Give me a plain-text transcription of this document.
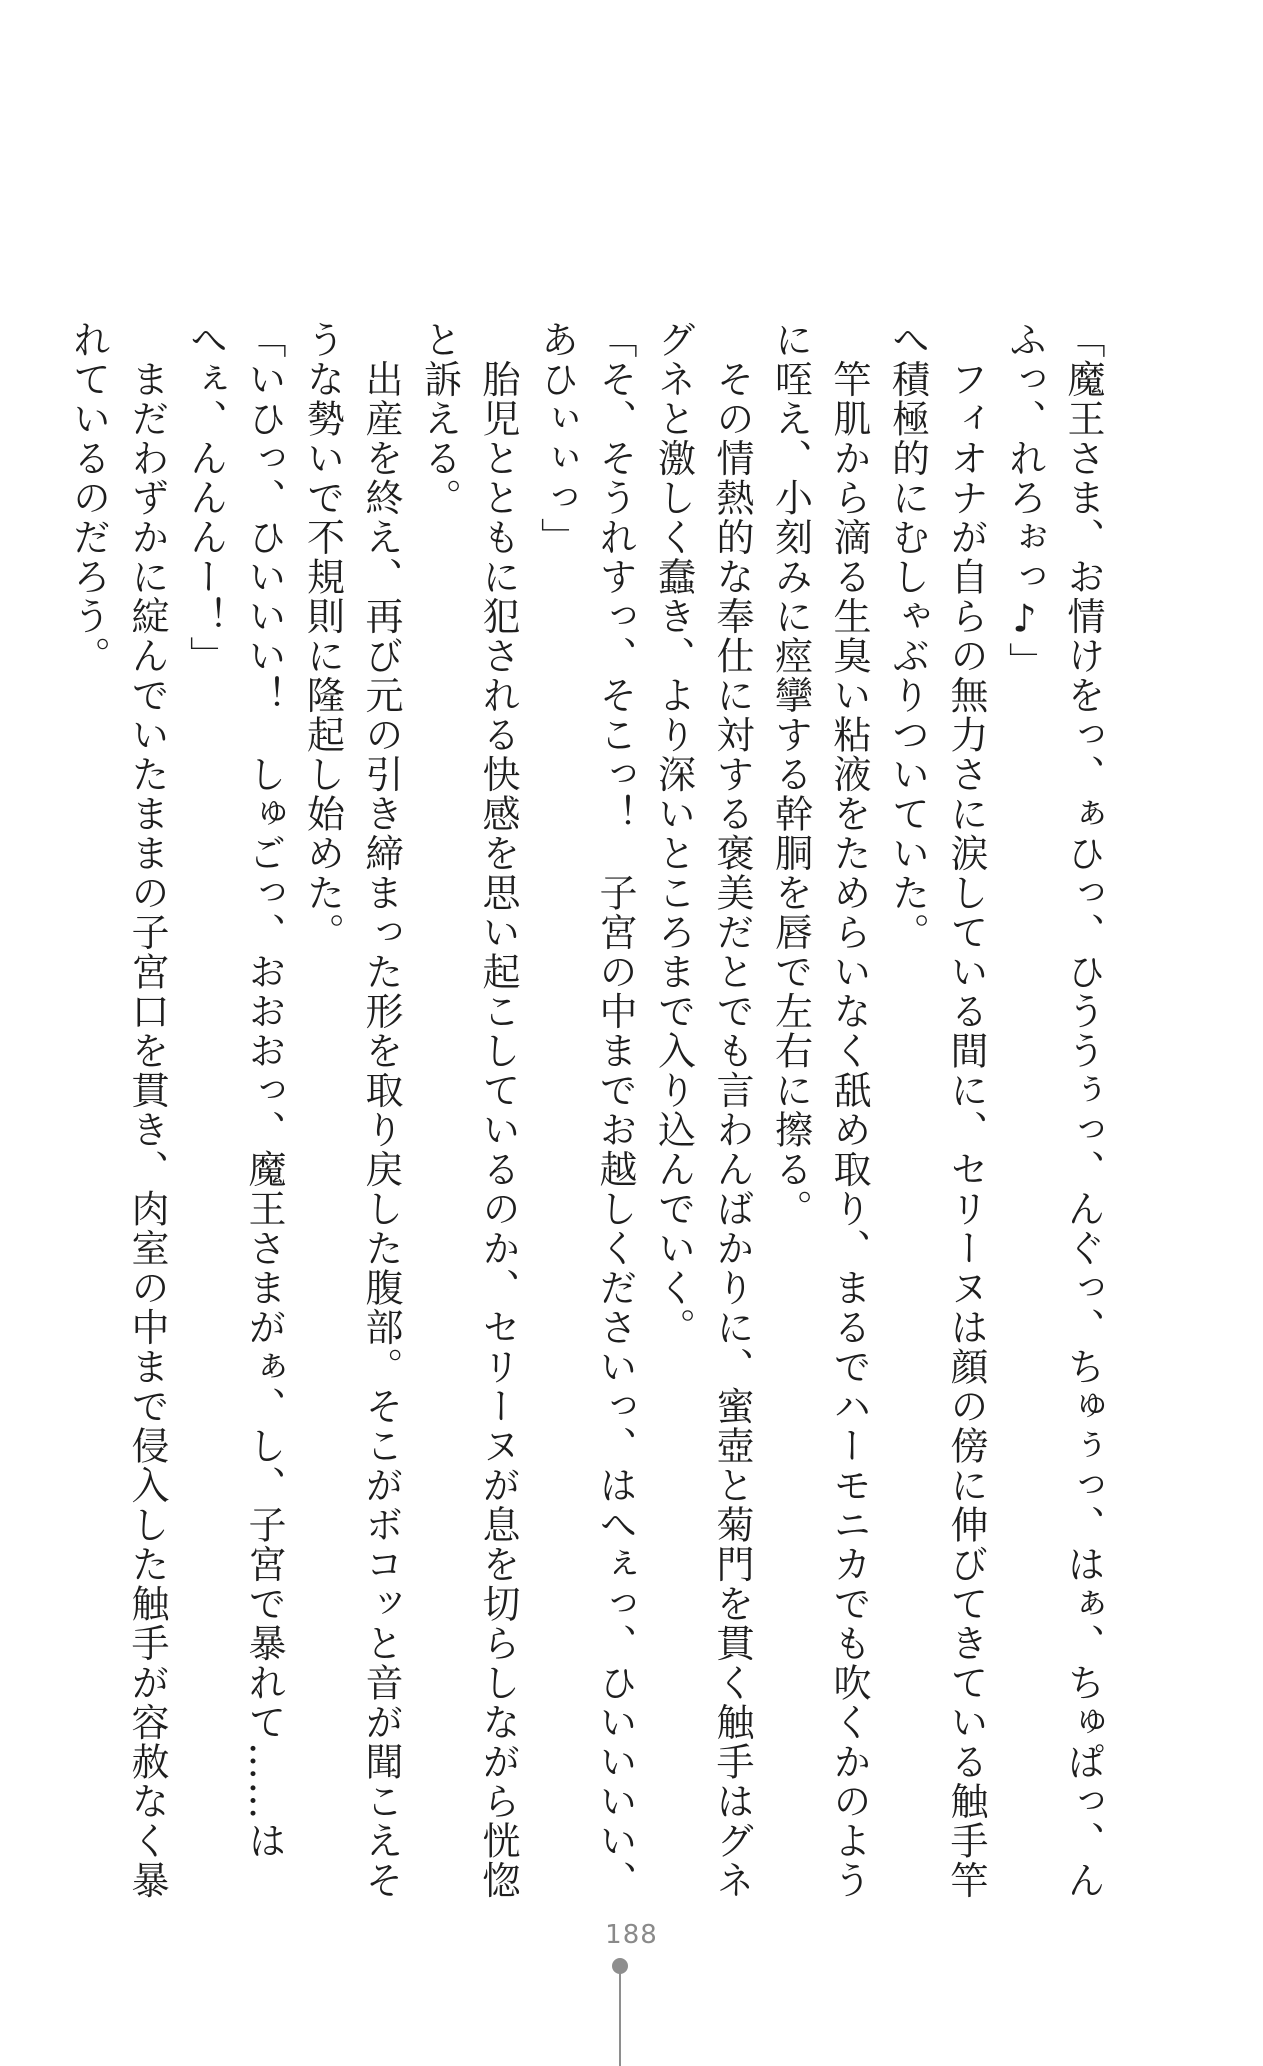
「魔王さま、お情けをっ、ぁひっ、ひううぅっ、んぐっ、ちゅぅっ、はぁ、ちゅぱっ、ん

ふっ、れろぉっ♪」

　フィオナが自らの無力さに涙している間に、セリーヌは顔の傍に伸びてきている触手竿

へ積極的にむしゃぶりついていた。

　竿肌から滴る生臭い粘液をためらいなく舐め取り、まるでハーモニカでも吹くかのよう

に咥え、小刻みに痙攣する幹胴を唇で左右に擦る。

　その情熱的な奉仕に対する褒美だとでも言わんばかりに、蜜壺と菊門を貫く触手はグネ

グネと激しく蠢き、より深いところまで入り込んでいく。

「そ、そうれすっ、そこっ！　子宮の中までお越しくださいっ、はへぇっ、ひいいいい、

あひぃぃっ」

　胎児とともに犯される快感を思い起こしているのか、セリーヌが息を切らしながら恍惚

と訴える。

　出産を終え、再び元の引き締まった形を取り戻した腹部。そこがボコッと音が聞こえそ

うな勢いで不規則に隆起し始めた。

「いひっ、ひいいい！　しゅごっ、おおおっ、魔王さまがぁ、し、子宮で暴れて……は

へぇ、んんんー！」

　まだわずかに綻んでいたままの子宮口を貫き、肉室の中まで侵入した触手が容赦なく暴

れているのだろう。

188
